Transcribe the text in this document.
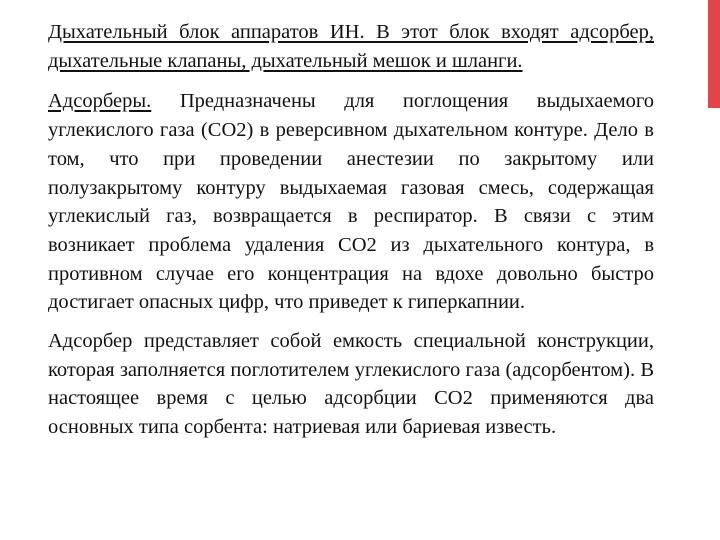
Дыхательный блок аппаратов ИН. В этот блок входят адсорбер, дыхательные клапаны, дыхательный мешок и шланги.

Адсорберы. Предназначены для поглощения выдыхаемого углекислого газа (СО2) в реверсивном дыхательном контуре. Дело в том, что при проведении анестезии по закрытому или полузакрытому контуру выдыхаемая газовая смесь, содержащая углекислый газ, возвращается в респиратор. В связи с этим возникает проблема удаления СО2 из дыхательного контура, в противном случае его концентрация на вдохе довольно быстро достигает опасных цифр, что приведет к гиперкапнии.

Адсорбер представляет собой емкость специальной конструкции, которая заполняется поглотителем углекислого газа (адсорбентом). В настоящее время с целью адсорбции СО2 применяются два основных типа сорбента: натриевая или бариевая известь.
